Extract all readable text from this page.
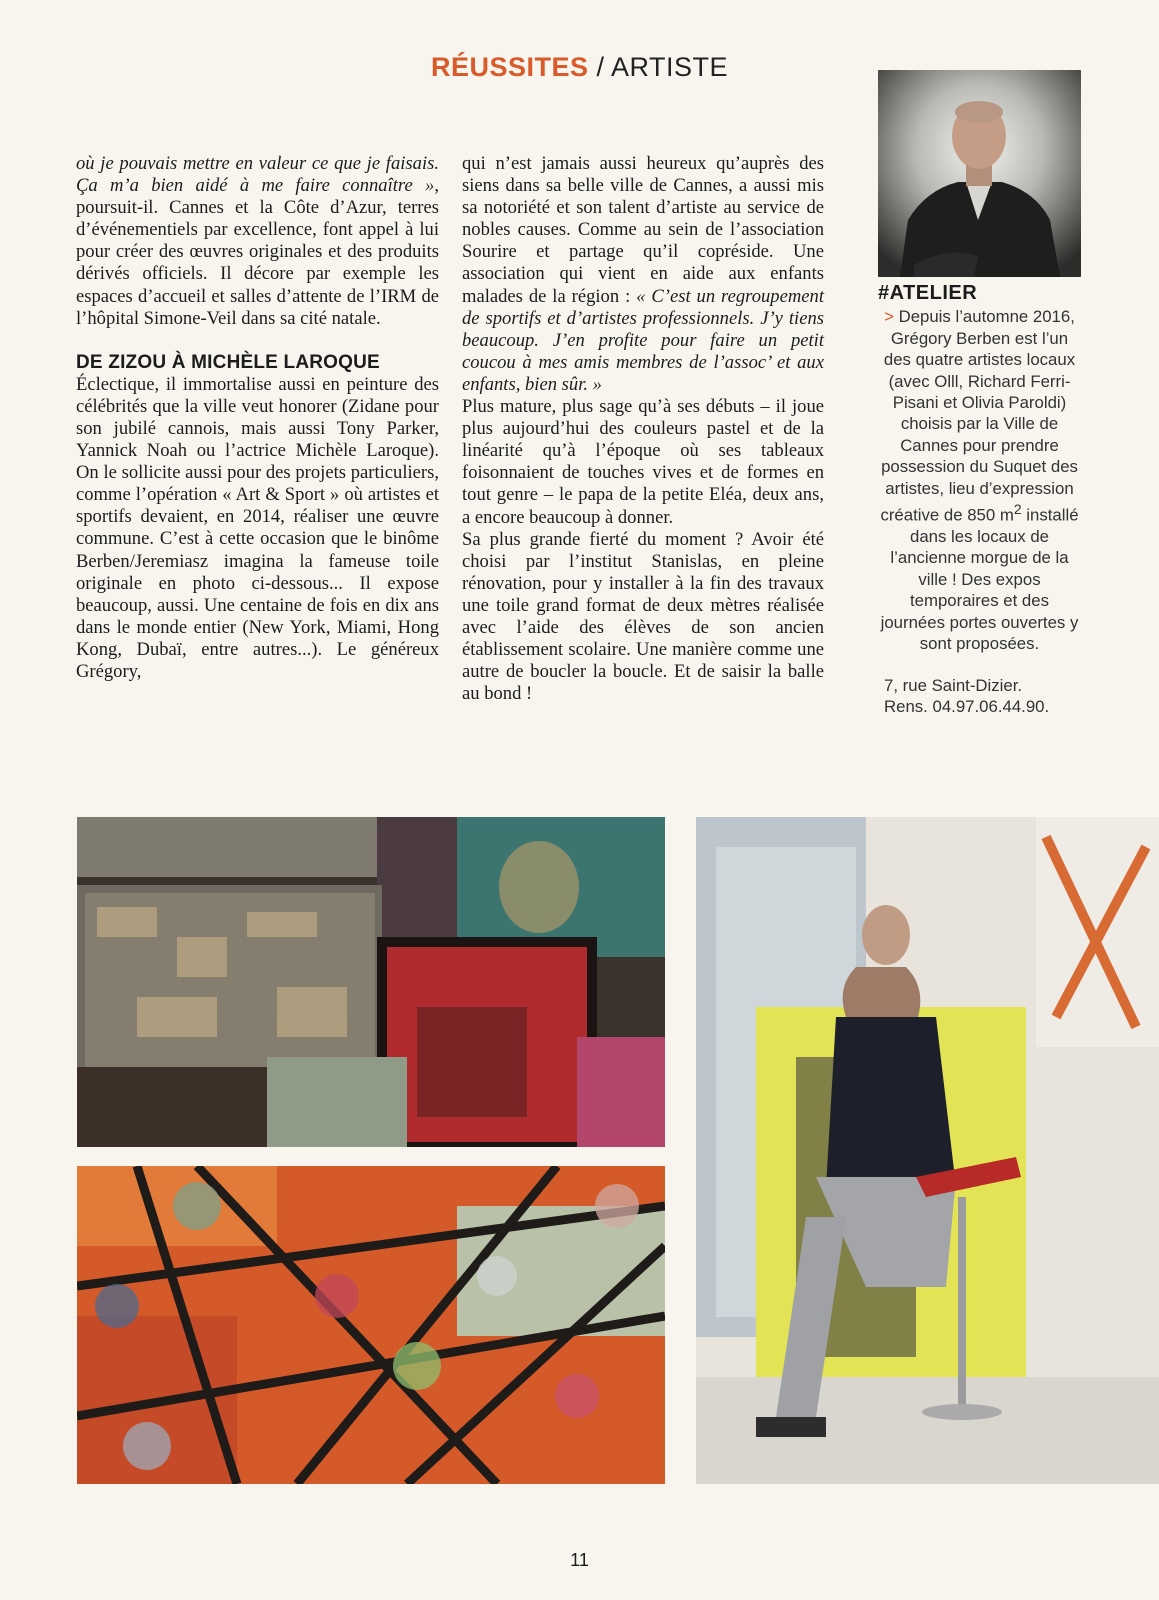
RÉUSSITES / ARTISTE

où je pouvais mettre en valeur ce que je faisais. Ça m’a bien aidé à me faire connaître », poursuit-il. Cannes et la Côte d’Azur, terres d’événementiels par excellence, font appel à lui pour créer des œuvres originales et des produits dérivés officiels. Il décore par exemple les espaces d’accueil et salles d’attente de l’IRM de l’hôpital Simone-Veil dans sa cité natale.

DE ZIZOU À MICHÈLE LAROQUE

Éclectique, il immortalise aussi en peinture des célébrités que la ville veut honorer (Zidane pour son jubilé cannois, mais aussi Tony Parker, Yannick Noah ou l’actrice Michèle Laroque). On le sollicite aussi pour des projets particuliers, comme l’opération « Art & Sport » où artistes et sportifs devaient, en 2014, réaliser une œuvre commune. C’est à cette occasion que le binôme Berben/Jeremiasz imagina la fameuse toile originale en photo ci-dessous... Il expose beaucoup, aussi. Une centaine de fois en dix ans dans le monde entier (New York, Miami, Hong Kong, Dubaï, entre autres...). Le généreux Grégory,

qui n’est jamais aussi heureux qu’auprès des siens dans sa belle ville de Cannes, a aussi mis sa notoriété et son talent d’artiste au service de nobles causes. Comme au sein de l’association Sourire et partage qu’il copréside. Une association qui vient en aide aux enfants malades de la région : « C’est un regroupement de sportifs et d’artistes professionnels. J’y tiens beaucoup. J’en profite pour faire un petit coucou à mes amis membres de l’assoc’ et aux enfants, bien sûr. »

Plus mature, plus sage qu’à ses débuts – il joue plus aujourd’hui des couleurs pastel et de la linéarité qu’à l’époque où ses tableaux foisonnaient de touches vives et de formes en tout genre – le papa de la petite Eléa, deux ans, a encore beaucoup à donner.

Sa plus grande fierté du moment ? Avoir été choisi par l’institut Stanislas, en pleine rénovation, pour y installer à la fin des travaux une toile grand format de deux mètres réalisée avec l’aide des élèves de son ancien établissement scolaire. Une manière comme une autre de boucler la boucle. Et de saisir la balle au bond !

#ATELIER

> Depuis l’automne 2016, Grégory Berben est l’un des quatre artistes locaux (avec Olll, Richard Ferri-Pisani et Olivia Paroldi) choisis par la Ville de Cannes pour prendre possession du Suquet des artistes, lieu d’expression créative de 850 $m^2$ installé dans les locaux de l’ancienne morgue de la ville ! Des expos temporaires et des journées portes ouvertes y sont proposées.

7, rue Saint-Dizier.
Rens. 04.97.06.44.90.
11
